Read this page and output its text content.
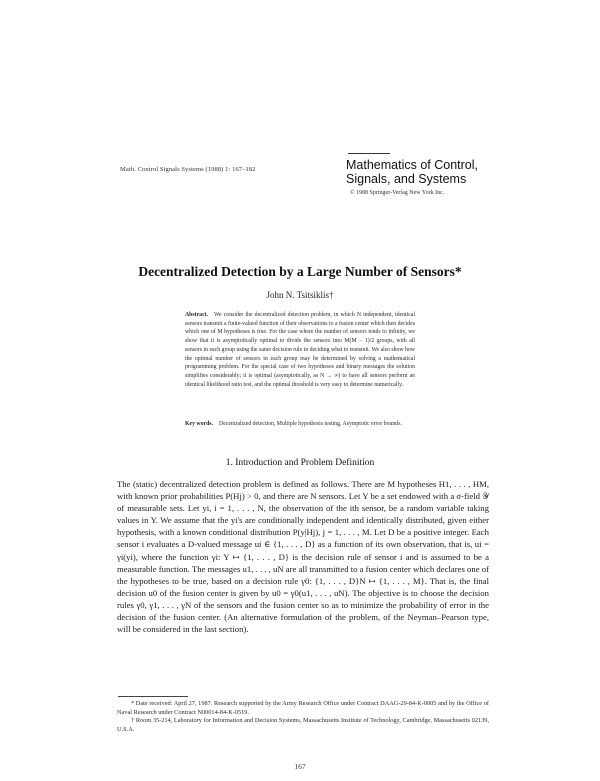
Math. Control Signals Systems (1988) 1: 167–182	Mathematics of Control,
Signals, and Systems
© 1988 Springer-Verlag New York Inc.
Decentralized Detection by a Large Number of Sensors*
John N. Tsitsiklis†
Abstract. We consider the decentralized detection problem, in which N independent, identical sensors transmit a finite-valued function of their observations to a fusion center which then decides which one of M hypotheses is true. For the case where the number of sensors tends to infinity, we show that it is asymptotically optimal to divide the sensors into M(M − 1)/2 groups, with all sensors in each group using the same decision rule in deciding what to transmit. We also show how the optimal number of sensors in each group may be determined by solving a mathematical programming problem. For the special case of two hypotheses and binary messages the solution simplifies considerably; it is optimal (asymptotically, as N → ∞) to have all sensors perform an identical likelihood ratio test, and the optimal threshold is very easy to determine numerically.
Key words. Decentralized detection, Multiple hypothesis testing, Asymptotic error bounds.
1. Introduction and Problem Definition

The (static) decentralized detection problem is defined as follows. There are M hypotheses H1, . . . , HM, with known prior probabilities P(Hj) > 0, and there are N sensors. Let Y be a set endowed with a σ-field 𝒴 of measurable sets. Let yi, i = 1, . . . , N, the observation of the ith sensor, be a random variable taking values in Y. We assume that the yi's are conditionally independent and identically distributed, given either hypothesis, with a known conditional distribution P(y|Hj), j = 1, . . . , M. Let D be a positive integer. Each sensor i evaluates a D-valued message ui ∈ {1, . . . , D} as a function of its own observation, that is, ui = γi(yi), where the function γi: Y ↦ {1, . . . , D} is the decision rule of sensor i and is assumed to be a measurable function. The messages u1, . . . , uN are all transmitted to a fusion center which declares one of the hypotheses to be true, based on a decision rule γ0: {1, . . . , D}N ↦ {1, . . . , M}. That is, the final decision u0 of the fusion center is given by u0 = γ0(u1, . . . , uN). The objective is to choose the decision rules γ0, γ1, . . . , γN of the sensors and the fusion center so as to minimize the probability of error in the decision of the fusion center. (An alternative formulation of the problem, of the Neyman–Pearson type, will be considered in the last section).

* Date received: April 27, 1987. Research supported by the Army Research Office under Contract DAAG-29-84-K-0005 and by the Office of Naval Research under Contract N00014-84-K-0519.

† Room 35-214, Laboratory for Information and Decision Systems, Massachusetts Institute of Technology, Cambridge, Massachusetts 02139, U.S.A.

167
